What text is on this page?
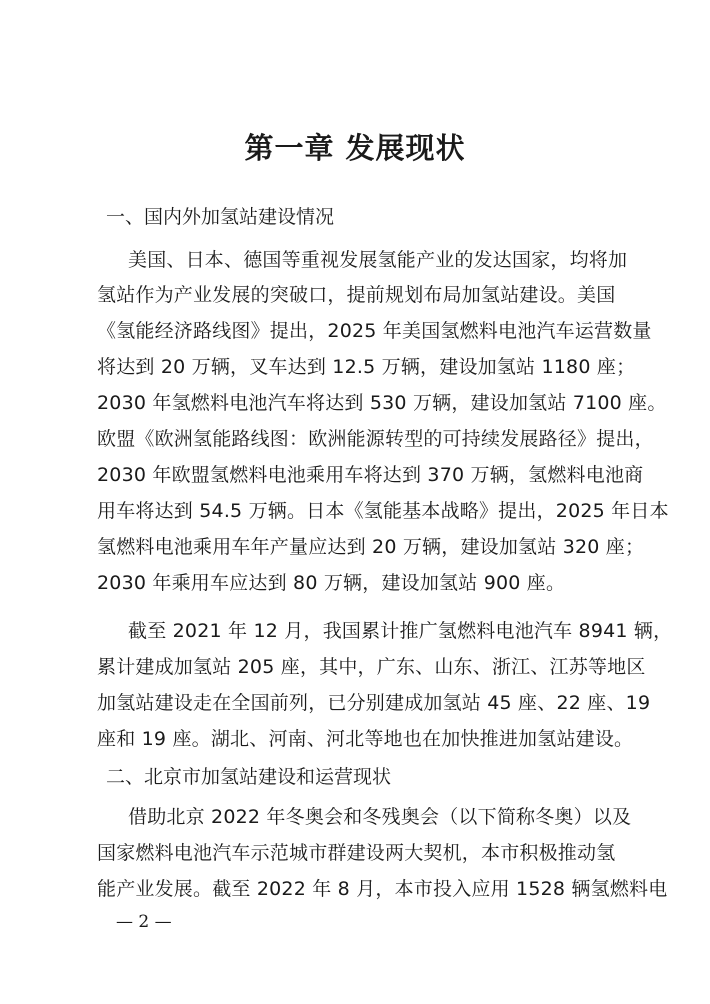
第一章 发展现状
一、国内外加氢站建设情况
美国、日本、德国等重视发展氢能产业的发达国家，均将加
氢站作为产业发展的突破口，提前规划布局加氢站建设。美国
《氢能经济路线图》提出，2025 年美国氢燃料电池汽车运营数量
将达到 20 万辆，叉车达到 12.5 万辆，建设加氢站 1180 座；
2030 年氢燃料电池汽车将达到 530 万辆，建设加氢站 7100 座。
欧盟《欧洲氢能路线图：欧洲能源转型的可持续发展路径》提出，
2030 年欧盟氢燃料电池乘用车将达到 370 万辆，氢燃料电池商
用车将达到 54.5 万辆。日本《氢能基本战略》提出，2025 年日本
氢燃料电池乘用车年产量应达到 20 万辆，建设加氢站 320 座；
2030 年乘用车应达到 80 万辆，建设加氢站 900 座。
截至 2021 年 12 月，我国累计推广氢燃料电池汽车 8941 辆，
累计建成加氢站 205 座，其中，广东、山东、浙江、江苏等地区
加氢站建设走在全国前列，已分别建成加氢站 45 座、22 座、19
座和 19 座。湖北、河南、河北等地也在加快推进加氢站建设。
二、北京市加氢站建设和运营现状
借助北京 2022 年冬奥会和冬残奥会（以下简称冬奥）以及
国家燃料电池汽车示范城市群建设两大契机，本市积极推动氢
能产业发展。截至 2022 年 8 月，本市投入应用 1528 辆氢燃料电
— 2 —
